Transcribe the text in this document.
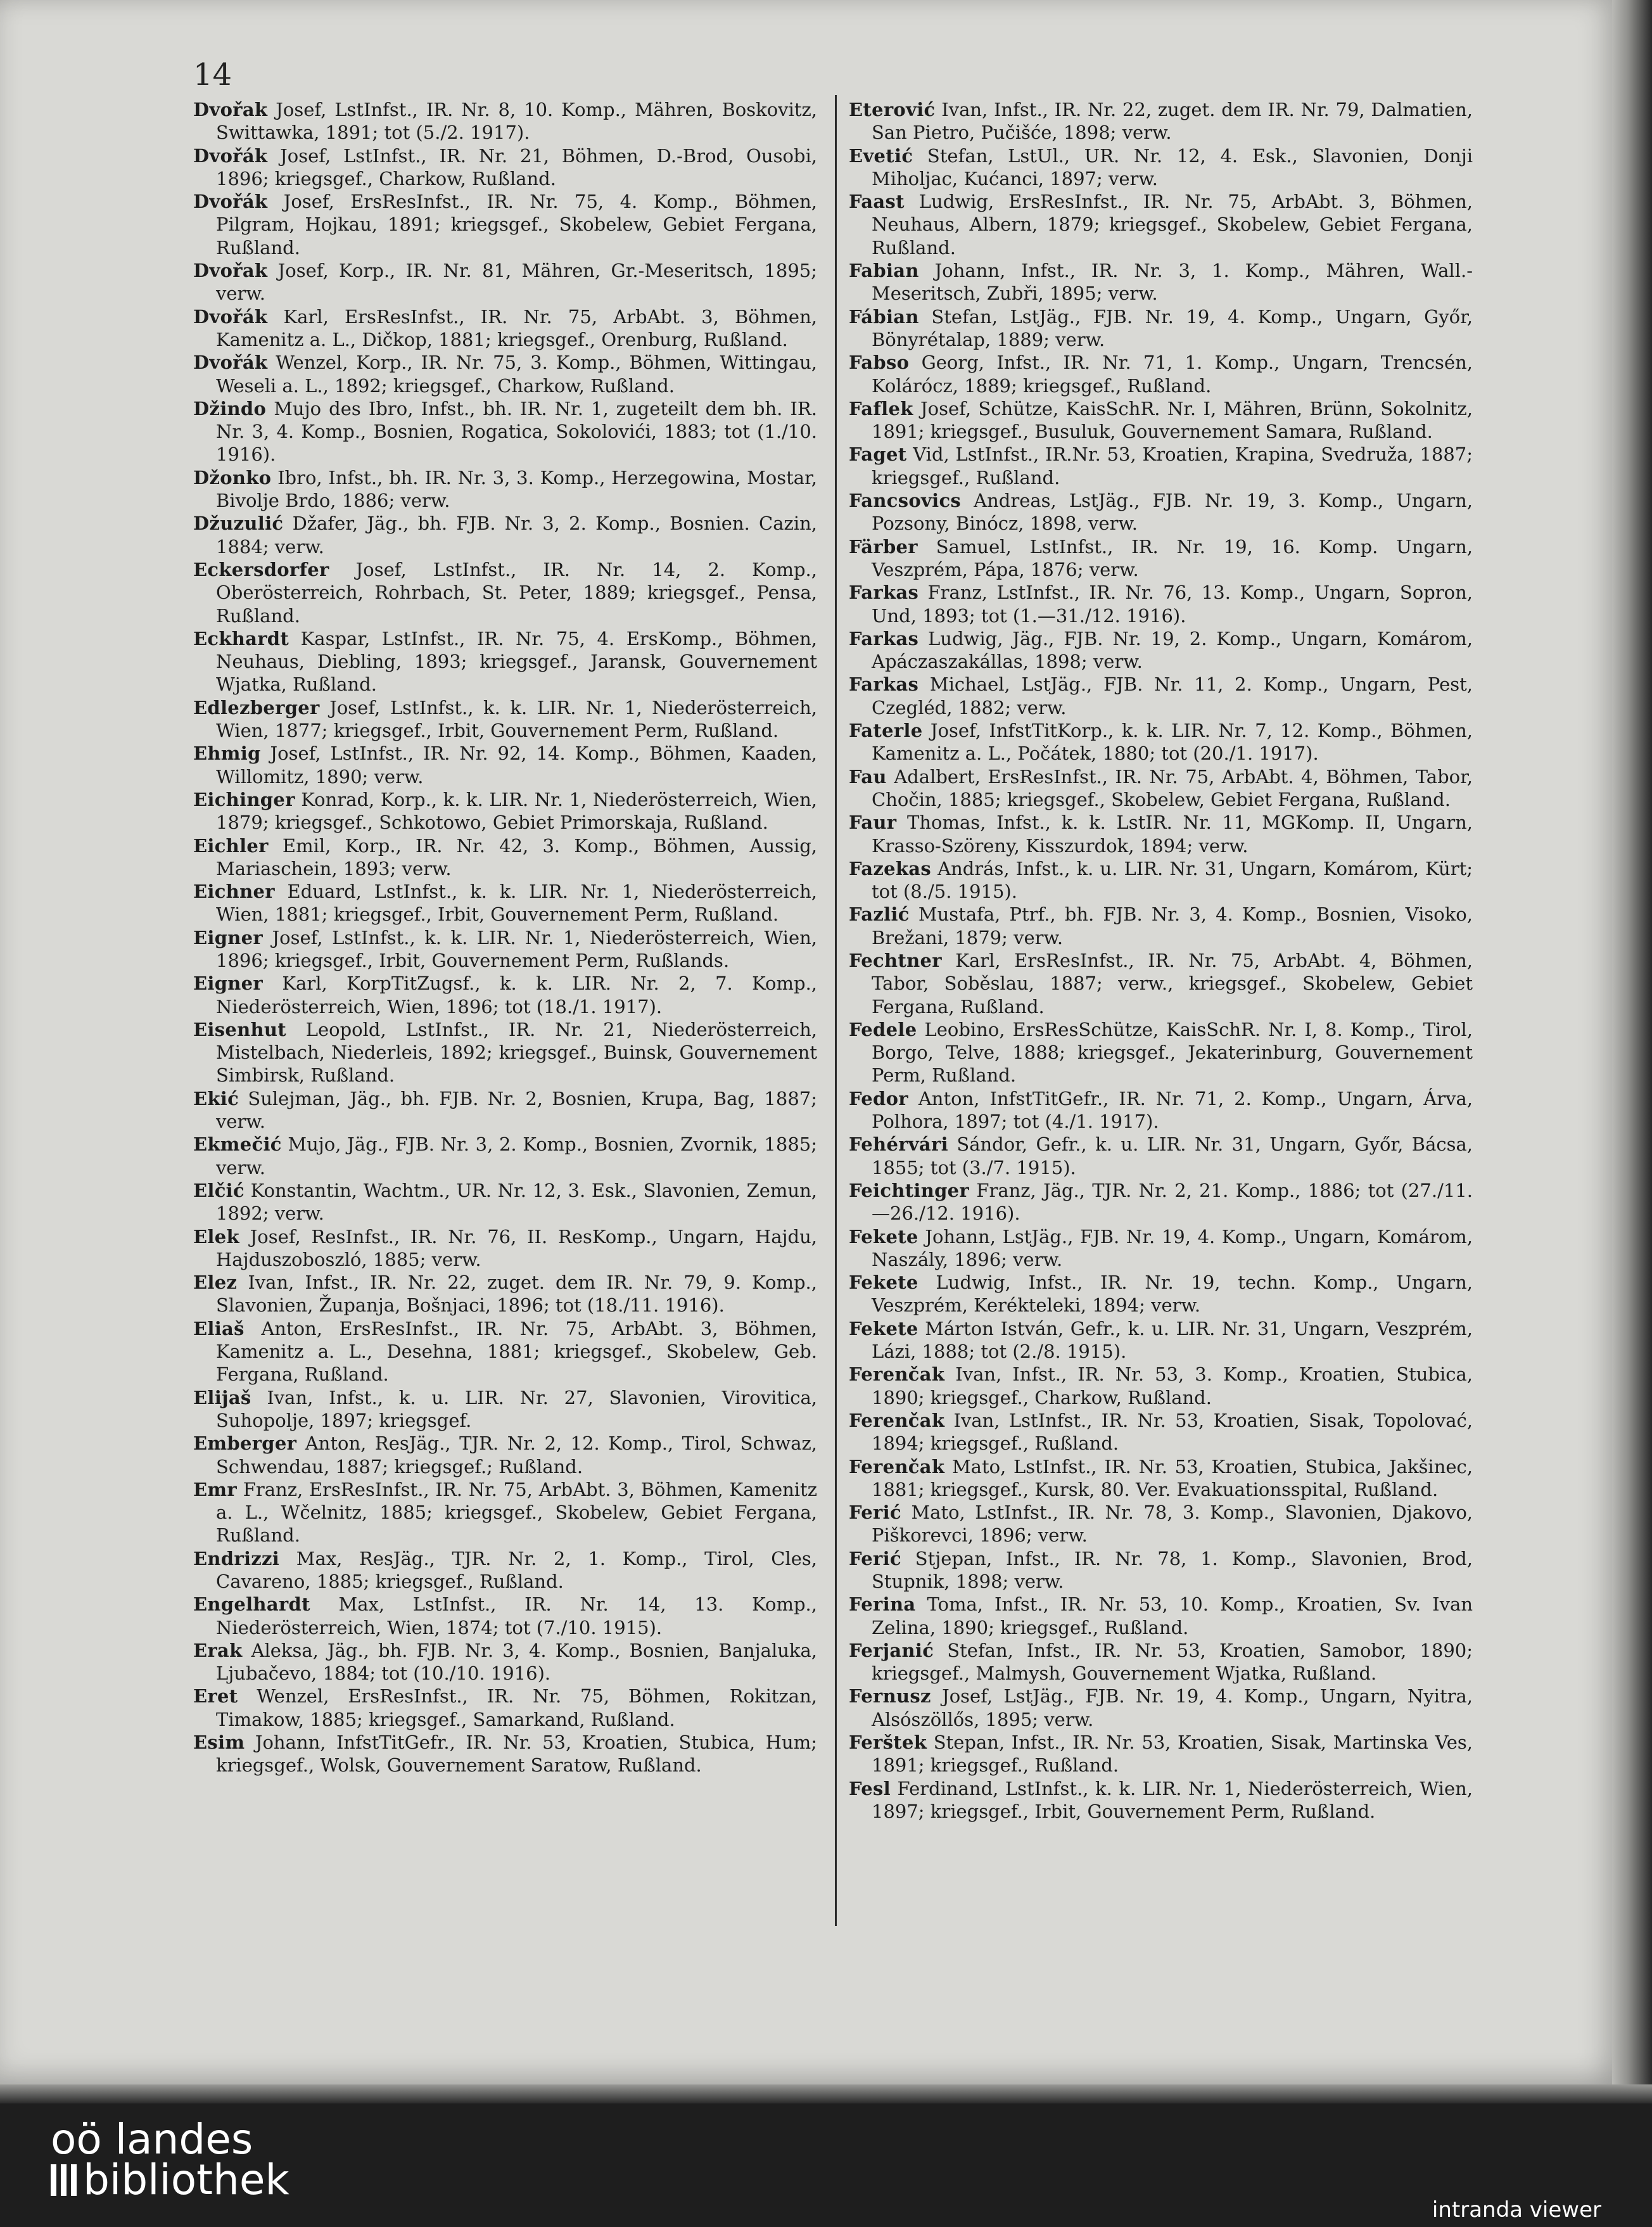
14

Dvořak Josef, LstInfst., IR. Nr. 8, 10. Komp., Mähren, Boskovitz, Swittawka, 1891; tot (5./2. 1917).

Dvořák Josef, LstInfst., IR. Nr. 21, Böhmen, D.-Brod, Ousobi, 1896; kriegsgef., Charkow, Rußland.

Dvořák Josef, ErsResInfst., IR. Nr. 75, 4. Komp., Böhmen, Pilgram, Hojkau, 1891; kriegsgef., Skobelew, Gebiet Fergana, Rußland.

Dvořak Josef, Korp., IR. Nr. 81, Mähren, Gr.-Meseritsch, 1895; verw.

Dvořák Karl, ErsResInfst., IR. Nr. 75, ArbAbt. 3, Böhmen, Kamenitz a. L., Dičkop, 1881; kriegsgef., Orenburg, Rußland.

Dvořák Wenzel, Korp., IR. Nr. 75, 3. Komp., Böhmen, Wittingau, Weseli a. L., 1892; kriegsgef., Charkow, Rußland.

Džindo Mujo des Ibro, Infst., bh. IR. Nr. 1, zugeteilt dem bh. IR. Nr. 3, 4. Komp., Bosnien, Rogatica, Sokolovići, 1883; tot (1./10. 1916).

Džonko Ibro, Infst., bh. IR. Nr. 3, 3. Komp., Herzegowina, Mostar, Bivolje Brdo, 1886; verw.

Džuzulić Džafer, Jäg., bh. FJB. Nr. 3, 2. Komp., Bosnien. Cazin, 1884; verw.

Eckersdorfer Josef, LstInfst., IR. Nr. 14, 2. Komp., Oberösterreich, Rohrbach, St. Peter, 1889; kriegsgef., Pensa, Rußland.

Eckhardt Kaspar, LstInfst., IR. Nr. 75, 4. ErsKomp., Böhmen, Neuhaus, Diebling, 1893; kriegsgef., Jaransk, Gouvernement Wjatka, Rußland.

Edlezberger Josef, LstInfst., k. k. LIR. Nr. 1, Niederösterreich, Wien, 1877; kriegsgef., Irbit, Gouvernement Perm, Rußland.

Ehmig Josef, LstInfst., IR. Nr. 92, 14. Komp., Böhmen, Kaaden, Willomitz, 1890; verw.

Eichinger Konrad, Korp., k. k. LIR. Nr. 1, Niederösterreich, Wien, 1879; kriegsgef., Schkotowo, Gebiet Primorskaja, Rußland.

Eichler Emil, Korp., IR. Nr. 42, 3. Komp., Böhmen, Aussig, Mariaschein, 1893; verw.

Eichner Eduard, LstInfst., k. k. LIR. Nr. 1, Niederösterreich, Wien, 1881; kriegsgef., Irbit, Gouvernement Perm, Rußland.

Eigner Josef, LstInfst., k. k. LIR. Nr. 1, Niederösterreich, Wien, 1896; kriegsgef., Irbit, Gouvernement Perm, Rußlands.

Eigner Karl, KorpTitZugsf., k. k. LIR. Nr. 2, 7. Komp., Niederösterreich, Wien, 1896; tot (18./1. 1917).

Eisenhut Leopold, LstInfst., IR. Nr. 21, Niederösterreich, Mistelbach, Niederleis, 1892; kriegsgef., Buinsk, Gouvernement Simbirsk, Rußland.

Ekić Sulejman, Jäg., bh. FJB. Nr. 2, Bosnien, Krupa, Bag, 1887; verw.

Ekmečić Mujo, Jäg., FJB. Nr. 3, 2. Komp., Bosnien, Zvornik, 1885; verw.

Elčić Konstantin, Wachtm., UR. Nr. 12, 3. Esk., Slavonien, Zemun, 1892; verw.

Elek Josef, ResInfst., IR. Nr. 76, II. ResKomp., Ungarn, Hajdu, Hajduszoboszló, 1885; verw.

Elez Ivan, Infst., IR. Nr. 22, zuget. dem IR. Nr. 79, 9. Komp., Slavonien, Županja, Bošnjaci, 1896; tot (18./11. 1916).

Eliaš Anton, ErsResInfst., IR. Nr. 75, ArbAbt. 3, Böhmen, Kamenitz a. L., Desehna, 1881; kriegsgef., Skobelew, Geb. Fergana, Rußland.

Elijaš Ivan, Infst., k. u. LIR. Nr. 27, Slavonien, Virovitica, Suhopolje, 1897; kriegsgef.

Emberger Anton, ResJäg., TJR. Nr. 2, 12. Komp., Tirol, Schwaz, Schwendau, 1887; kriegsgef.; Rußland.

Emr Franz, ErsResInfst., IR. Nr. 75, ArbAbt. 3, Böhmen, Kamenitz a. L., Wčelnitz, 1885; kriegsgef., Skobelew, Gebiet Fergana, Rußland.

Endrizzi Max, ResJäg., TJR. Nr. 2, 1. Komp., Tirol, Cles, Cavareno, 1885; kriegsgef., Rußland.

Engelhardt Max, LstInfst., IR. Nr. 14, 13. Komp., Niederösterreich, Wien, 1874; tot (7./10. 1915).

Erak Aleksa, Jäg., bh. FJB. Nr. 3, 4. Komp., Bosnien, Banjaluka, Ljubačevo, 1884; tot (10./10. 1916).

Eret Wenzel, ErsResInfst., IR. Nr. 75, Böhmen, Rokitzan, Timakow, 1885; kriegsgef., Samarkand, Rußland.

Esim Johann, InfstTitGefr., IR. Nr. 53, Kroatien, Stubica, Hum; kriegsgef., Wolsk, Gouvernement Saratow, Rußland.

Eterović Ivan, Infst., IR. Nr. 22, zuget. dem IR. Nr. 79, Dalmatien, San Pietro, Pučišće, 1898; verw.

Evetić Stefan, LstUl., UR. Nr. 12, 4. Esk., Slavonien, Donji Miholjac, Kućanci, 1897; verw.

Faast Ludwig, ErsResInfst., IR. Nr. 75, ArbAbt. 3, Böhmen, Neuhaus, Albern, 1879; kriegsgef., Skobelew, Gebiet Fergana, Rußland.

Fabian Johann, Infst., IR. Nr. 3, 1. Komp., Mähren, Wall.-Meseritsch, Zubři, 1895; verw.

Fábian Stefan, LstJäg., FJB. Nr. 19, 4. Komp., Ungarn, Győr, Bönyrétalap, 1889; verw.

Fabso Georg, Infst., IR. Nr. 71, 1. Komp., Ungarn, Trencsén, Kolárócz, 1889; kriegsgef., Rußland.

Faflek Josef, Schütze, KaisSchR. Nr. I, Mähren, Brünn, Sokolnitz, 1891; kriegsgef., Busuluk, Gouvernement Samara, Rußland.

Faget Vid, LstInfst., IR.Nr. 53, Kroatien, Krapina, Svedruža, 1887; kriegsgef., Rußland.

Fancsovics Andreas, LstJäg., FJB. Nr. 19, 3. Komp., Ungarn, Pozsony, Binócz, 1898, verw.

Färber Samuel, LstInfst., IR. Nr. 19, 16. Komp. Ungarn, Veszprém, Pápa, 1876; verw.

Farkas Franz, LstInfst., IR. Nr. 76, 13. Komp., Ungarn, Sopron, Und, 1893; tot (1.—31./12. 1916).

Farkas Ludwig, Jäg., FJB. Nr. 19, 2. Komp., Ungarn, Komárom, Apáczaszakállas, 1898; verw.

Farkas Michael, LstJäg., FJB. Nr. 11, 2. Komp., Ungarn, Pest, Czegléd, 1882; verw.

Faterle Josef, InfstTitKorp., k. k. LIR. Nr. 7, 12. Komp., Böhmen, Kamenitz a. L., Počátek, 1880; tot (20./1. 1917).

Fau Adalbert, ErsResInfst., IR. Nr. 75, ArbAbt. 4, Böhmen, Tabor, Chočin, 1885; kriegsgef., Skobelew, Gebiet Fergana, Rußland.

Faur Thomas, Infst., k. k. LstIR. Nr. 11, MGKomp. II, Ungarn, Krasso-Szöreny, Kisszurdok, 1894; verw.

Fazekas András, Infst., k. u. LIR. Nr. 31, Ungarn, Komárom, Kürt; tot (8./5. 1915).

Fazlić Mustafa, Ptrf., bh. FJB. Nr. 3, 4. Komp., Bosnien, Visoko, Brežani, 1879; verw.

Fechtner Karl, ErsResInfst., IR. Nr. 75, ArbAbt. 4, Böhmen, Tabor, Soběslau, 1887; verw., kriegsgef., Skobelew, Gebiet Fergana, Rußland.

Fedele Leobino, ErsResSchütze, KaisSchR. Nr. I, 8. Komp., Tirol, Borgo, Telve, 1888; kriegsgef., Jekaterinburg, Gouvernement Perm, Rußland.

Fedor Anton, InfstTitGefr., IR. Nr. 71, 2. Komp., Ungarn, Árva, Polhora, 1897; tot (4./1. 1917).

Fehérvári Sándor, Gefr., k. u. LIR. Nr. 31, Ungarn, Győr, Bácsa, 1855; tot (3./7. 1915).

Feichtinger Franz, Jäg., TJR. Nr. 2, 21. Komp., 1886; tot (27./11.—26./12. 1916).

Fekete Johann, LstJäg., FJB. Nr. 19, 4. Komp., Ungarn, Komárom, Naszály, 1896; verw.

Fekete Ludwig, Infst., IR. Nr. 19, techn. Komp., Ungarn, Veszprém, Kerékteleki, 1894; verw.

Fekete Márton István, Gefr., k. u. LIR. Nr. 31, Ungarn, Veszprém, Lázi, 1888; tot (2./8. 1915).

Ferenčak Ivan, Infst., IR. Nr. 53, 3. Komp., Kroatien, Stubica, 1890; kriegsgef., Charkow, Rußland.

Ferenčak Ivan, LstInfst., IR. Nr. 53, Kroatien, Sisak, Topolovać, 1894; kriegsgef., Rußland.

Ferenčak Mato, LstInfst., IR. Nr. 53, Kroatien, Stubica, Jakšinec, 1881; kriegsgef., Kursk, 80. Ver. Evakuationsspital, Rußland.

Ferić Mato, LstInfst., IR. Nr. 78, 3. Komp., Slavonien, Djakovo, Piškorevci, 1896; verw.

Ferić Stjepan, Infst., IR. Nr. 78, 1. Komp., Slavonien, Brod, Stupnik, 1898; verw.

Ferina Toma, Infst., IR. Nr. 53, 10. Komp., Kroatien, Sv. Ivan Zelina, 1890; kriegsgef., Rußland.

Ferjanić Stefan, Infst., IR. Nr. 53, Kroatien, Samobor, 1890; kriegsgef., Malmysh, Gouvernement Wjatka, Rußland.

Fernusz Josef, LstJäg., FJB. Nr. 19, 4. Komp., Ungarn, Nyitra, Alsószöllős, 1895; verw.

Ferštek Stepan, Infst., IR. Nr. 53, Kroatien, Sisak, Martinska Ves, 1891; kriegsgef., Rußland.

Fesl Ferdinand, LstInfst., k. k. LIR. Nr. 1, Niederösterreich, Wien, 1897; kriegsgef., Irbit, Gouvernement Perm, Rußland.

oö landes
bibliothek
intranda viewer
